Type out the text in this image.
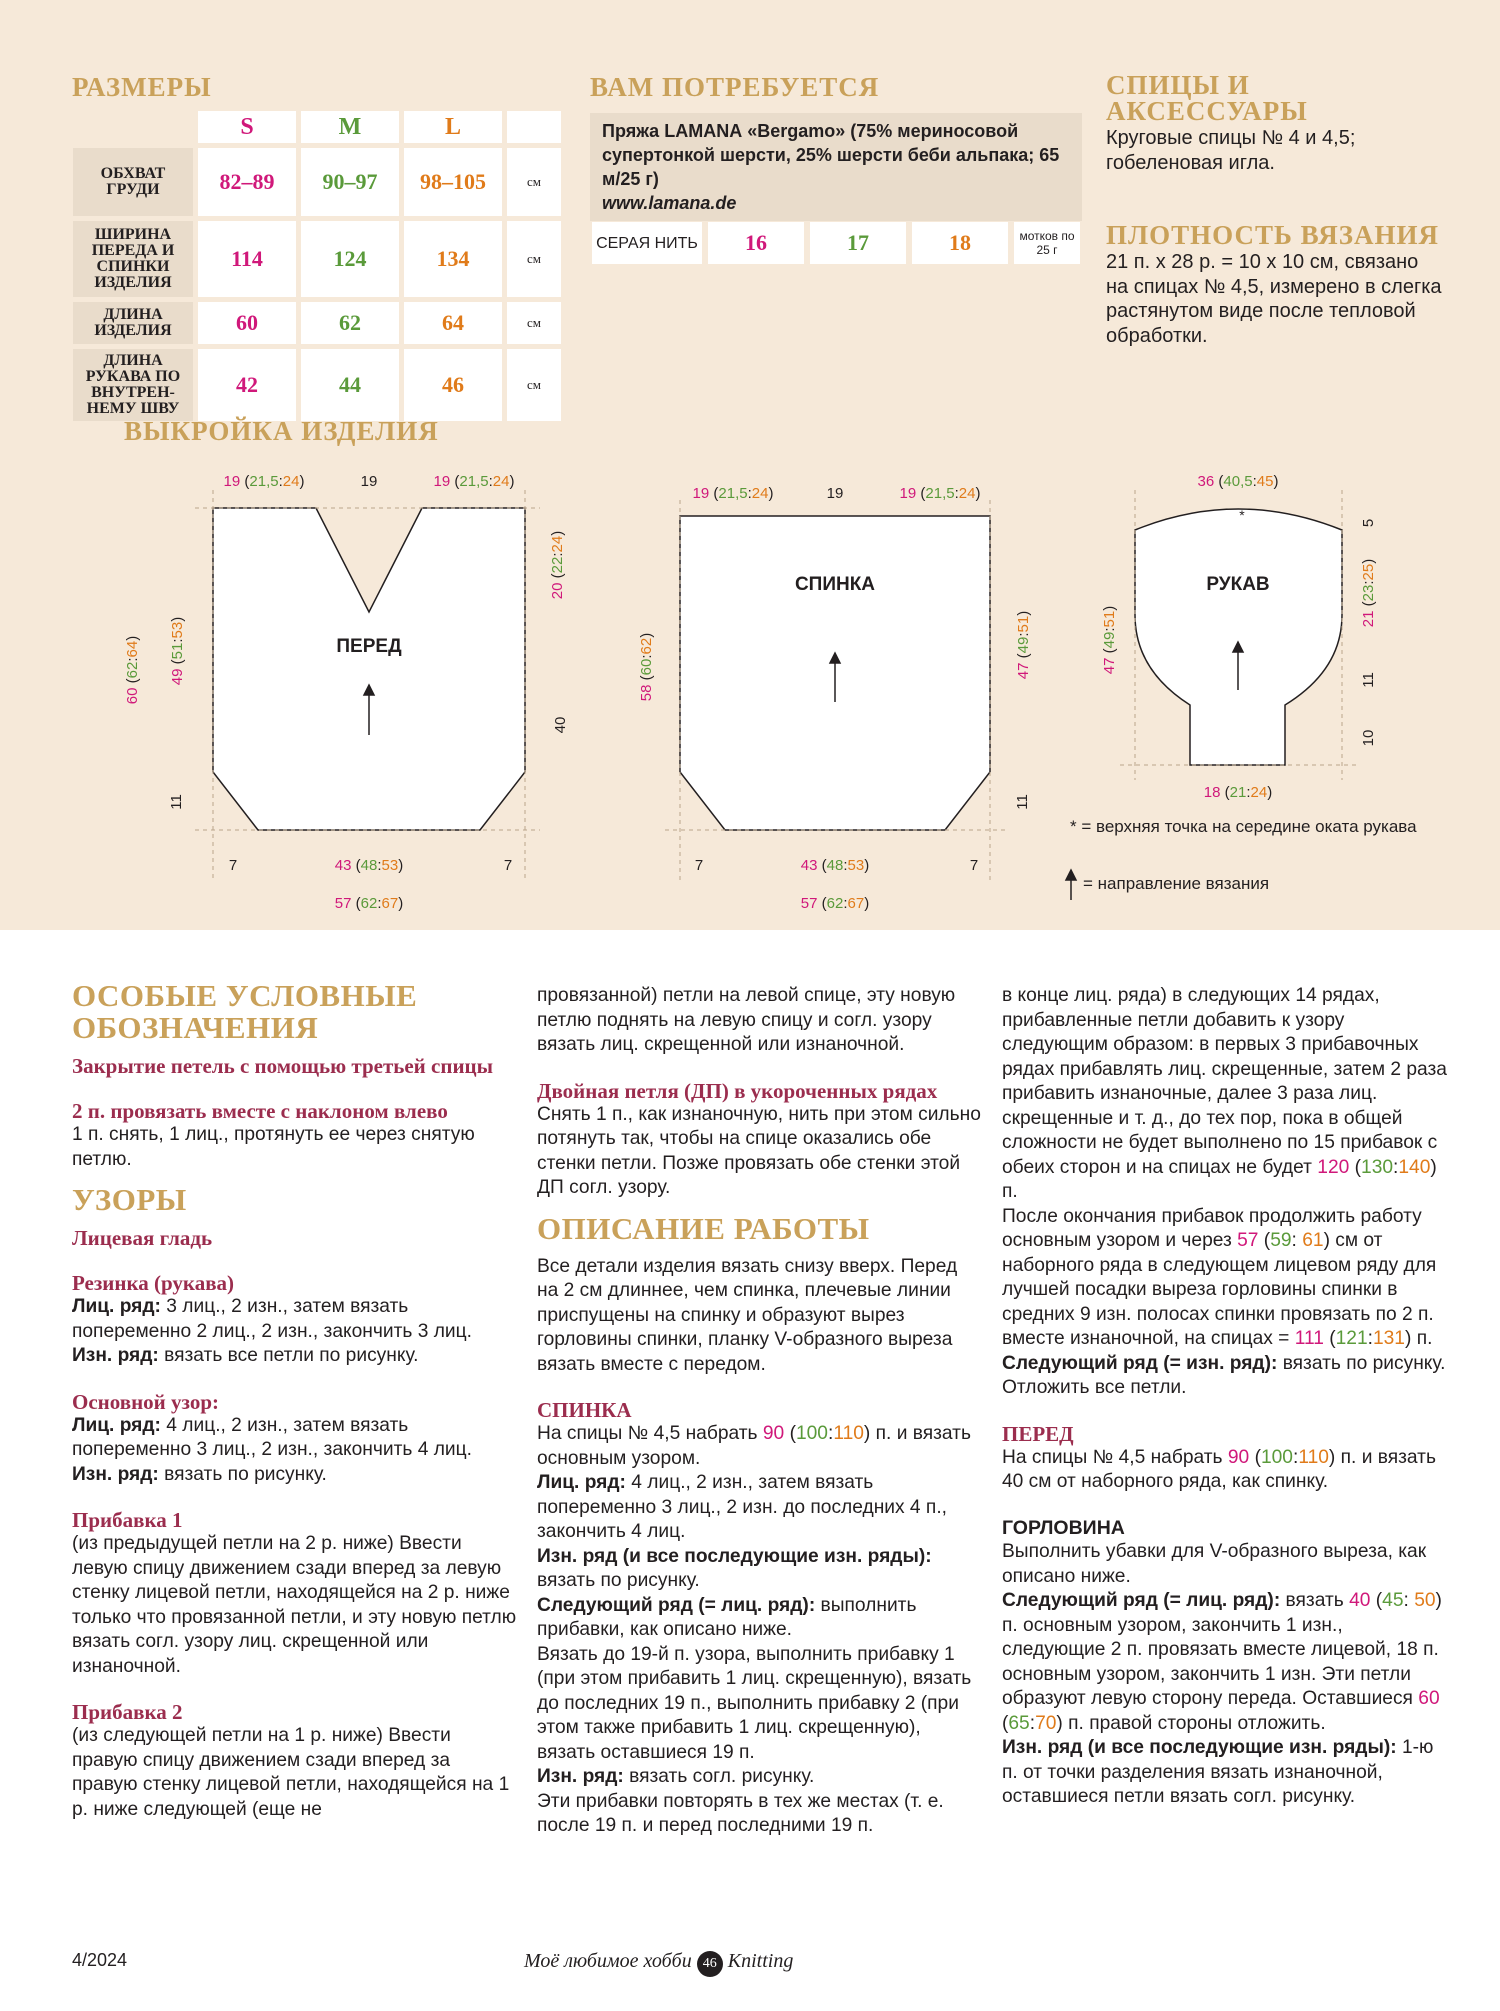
РАЗМЕРЫ
	S	M	L	
ОБХВАТ ГРУДИ	82–89	90–97	98–105	см
ШИРИНА ПЕРЕДА И СПИНКИ ИЗДЕЛИЯ	114	124	134	см
ДЛИНА ИЗДЕЛИЯ	60	62	64	см
ДЛИНА РУКАВА ПО ВНУТРЕН-НЕМУ ШВУ	42	44	46	см
ВАМ ПОТРЕБУЕТСЯ
Пряжа LAMANA «Bergamo» (75% мериносовой супертонкой шерсти, 25% шерсти беби альпака; 65 м/25 г)
www.lamana.de
СЕРАЯ НИТЬ	16	17	18	мотков по 25 г
СПИЦЫ И АКСЕССУАРЫ
Круговые спицы № 4 и 4,5; гобеленовая игла.
ПЛОТНОСТЬ ВЯЗАНИЯ
21 п. х 28 р. = 10 х 10 см, связано на спицах № 4,5, измерено в слегка растянутом виде после тепловой обработки.
ВЫКРОЙКА ИЗДЕЛИЯ
ПЕРЕД
СПИНКА	РУКАВ
19 (21,5:24)	19	19 (21,5:24)
19 (21,5:24)	19	19 (21,5:24)
36 (40,5:45)
18 (21:24)
43 (48:53)
57 (62:67)
43 (48:53)
57 (62:67)
7	7	7	7
11	11
40
20 (22:24)
60 (62:64)
49 (51:53)
58 (60:62)
47 (49:51)
47 (49:51)
5
21 (23:25)
11
10
*
* = верхняя точка на середине оката рукава
= направление вязания
ОСОБЫЕ УСЛОВНЫЕ ОБОЗНАЧЕНИЯ
Закрытие петель с помощью третьей спицы
2 п. провязать вместе с наклоном влево

1 п. снять, 1 лиц., протянуть ее через снятую петлю.

УЗОРЫ
Лицевая гладь
Резинка (рукава)

Лиц. ряд: 3 лиц., 2 изн., затем вязать попеременно 2 лиц., 2 изн., закончить 3 лиц.
Изн. ряд: вязать все петли по рисунку.

Основной узор:

Лиц. ряд: 4 лиц., 2 изн., затем вязать попеременно 3 лиц., 2 изн., закончить 4 лиц.
Изн. ряд: вязать по рисунку.

Прибавка 1

(из предыдущей петли на 2 р. ниже) Ввести левую спицу движением сзади вперед за левую стенку лицевой петли, находящейся на 2 р. ниже только что провязанной петли, и эту новую петлю вязать согл. узору лиц. скрещенной или изнаночной.

Прибавка 2

(из следующей петли на 1 р. ниже) Ввести правую спицу движением сзади вперед за правую стенку лицевой петли, находящейся на 1 р. ниже следующей (еще не

провязанной) петли на левой спице, эту новую петлю поднять на левую спицу и согл. узору вязать лиц. скрещенной или изнаночной.

Двойная петля (ДП) в укороченных рядах

Снять 1 п., как изнаночную, нить при этом сильно потянуть так, чтобы на спице оказались обе стенки петли. Позже провязать обе стенки этой ДП согл. узору.

ОПИСАНИЕ РАБОТЫ

Все детали изделия вязать снизу вверх. Перед на 2 см длиннее, чем спинка, плечевые линии приспущены на спинку и образуют вырез горловины спинки, планку V-образного выреза вязать вместе с передом.

СПИНКА

На спицы № 4,5 набрать 90 (100:110) п. и вязать основным узором.
Лиц. ряд: 4 лиц., 2 изн., затем вязать попеременно 3 лиц., 2 изн. до последних 4 п., закончить 4 лиц.
Изн. ряд (и все последующие изн. ряды): вязать по рисунку.
Следующий ряд (= лиц. ряд): выполнить прибавки, как описано ниже.
Вязать до 19-й п. узора, выполнить прибавку 1 (при этом прибавить 1 лиц. скрещенную), вязать до последних 19 п., выполнить прибавку 2 (при этом также прибавить 1 лиц. скрещенную), вязать оставшиеся 19 п.
Изн. ряд: вязать согл. рисунку.
Эти прибавки повторять в тех же местах (т. е. после 19 п. и перед последними 19 п.

в конце лиц. ряда) в следующих 14 рядах, прибавленные петли добавить к узору следующим образом: в первых 3 прибавочных рядах прибавлять лиц. скрещенные, затем 2 раза прибавить изнаночные, далее 3 раза лиц. скрещенные и т. д., до тех пор, пока в общей сложности не будет выполнено по 15 прибавок с обеих сторон и на спицах не будет 120 (130:140) п.
После окончания прибавок продолжить работу основным узором и через 57 (59: 61) см от наборного ряда в следующем лицевом ряду для лучшей посадки выреза горловины спинки в средних 9 изн. полосах спинки провязать по 2 п. вместе изнаночной, на спицах = 111 (121:131) п.
Следующий ряд (= изн. ряд): вязать по рисунку.
Отложить все петли.

ПЕРЕД

На спицы № 4,5 набрать 90 (100:110) п. и вязать 40 см от наборного ряда, как спинку.

ГОРЛОВИНА

Выполнить убавки для V-образного выреза, как описано ниже.
Следующий ряд (= лиц. ряд): вязать 40 (45: 50) п. основным узором, закончить 1 изн., следующие 2 п. провязать вместе лицевой, 18 п. основным узором, закончить 1 изн. Эти петли образуют левую сторону переда. Оставшиеся 60 (65:70) п. правой стороны отложить.
Изн. ряд (и все последующие изн. ряды): 1-ю п. от точки разделения вязать изнаночной, оставшиеся петли вязать согл. рисунку.

4/2024	Моё любимое хобби 46 Knitting
